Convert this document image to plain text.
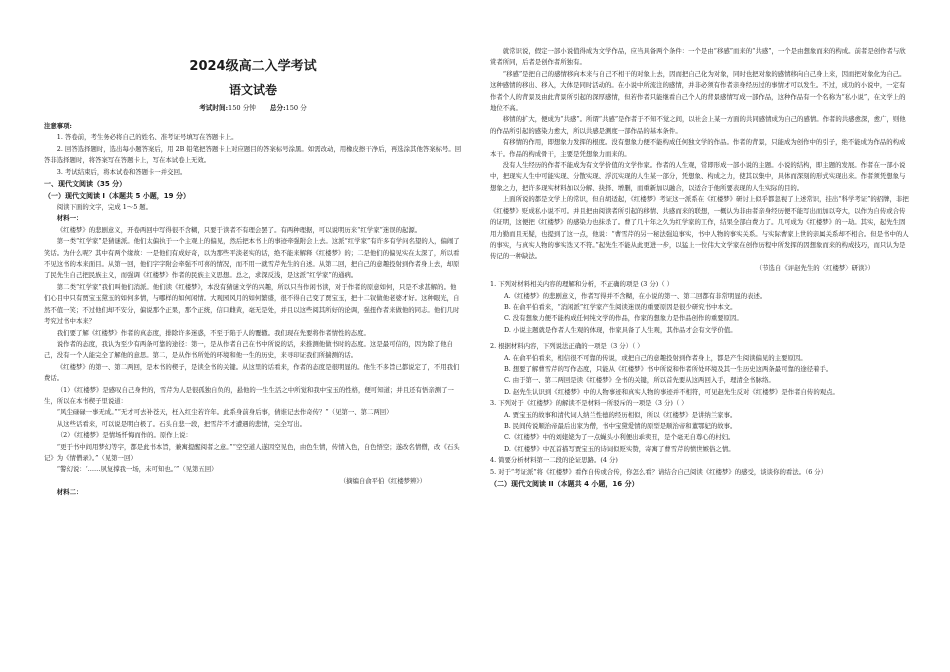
2024级高二入学考试
语文试卷
考试时间:150 分钟 总分:150 分

注意事项:

1. 答卷前，考生务必将自己的姓名、准考证号填写在答题卡上。

2. 回答选择题时，选出每小题答案后，用 2B 铅笔把答题卡上对应题目的答案标号涂黑。如需改动，用橡皮擦干净后，再选涂其他答案标号。回答非选择题时，将答案写在答题卡上，写在本试卷上无效。

3. 考试结束后，将本试卷和答题卡一并交回。

一、现代文阅读（35 分）

（一）现代文阅读 I（本题共 5 小题，19 分）

阅读下面的文字，完成 1～5 题。

材料一：

《红楼梦》的悲剧意义，开卷两回中写得很不含糊，只要于读者不有理会罢了。有两种理据，可以说明历来“红学家”迷误的起源。

第一类“红学家”是猜谜派。他们太偏执于一个主观上的偏见，然后把本书上的事迹牵强附会上去。这派“红学家”有许多有学问名望的人，偏闹了笑话。为什么呢？其中有两个缘故：一是他们有成好奇，以为那些平淡老实的话，绝不能来解释《红楼梦》的；二是他们的偏见实在太深了，所以看不见这书的本来面目。从第一回，他们字字附会牵强不可喜的情况，而不用一就雪芹先生的自述。从第二回，把自己的意趣投射到作者身上去，却原了民先生自己把民族主义，而强调《红楼梦》作者的民族主义思想。总之，求深反浅，是这派“红学家”的通病。

第二类“红学家”我们叫他们消派。他们读《红楼梦》，本没有猜谜文学的兴趣，所以只当作闲书读，对于作者的原意如何，只是不求甚解的。他们心目中只有贾宝玉黛玉的如何多情，与哪样的如何闲情。大观园风月的如何繁盛，很不得自己变了贾宝玉，把十二钗做他老婆才好。这种眼光，自然不值一笑；不过他们却不安分，偏说那个正果，那个正统，信口雌黄，毫无是处，并且以这些阅其所好的论调，强扭作者来做他的同志。他们几时考究过书中本来？

我们要了解《红楼梦》作者的真态度，排除许多迷惑，不至于陷于人的覆辙。我们现在先要将作者情性的态度。

说作者的态度，我认为至少有两条可靠的途径：第一，是从作者自己在书中所说的话，来推测他做书时的态度。这是最可信的，因为除了他自己，没有一个人能完全了解他的意思。第二，是从作书所处的环境和他一生的历史，来寻印证我们所揣测的话。

《红楼梦》的第一、第二两回，是本书的楔子，是读全书的关键。从这里的话看来，作者的态度是很明显的。他生不多旨已都说定了，不用我们费话。

（1）《红楼梦》是感叹自己身世的，雪芹为人是很孤独自负的，悬他的一生生活之中所觉和我中宝玉的性格，便可知道；并且还有悟亲测了一生，所以在本书楔子里说道：

“风尘碌碌一事无成。”“无才可去补苍天，枉入红尘若许年。此系身前身后事，倩谁记去作奇传？”（见第一、第二两回）

从这些话看来，可以说是明白极了。石头自悲一段，把雪芹不才遭遇的悲情，完全写出。

（2）《红楼梦》是情场忏悔而作的。原作上说：

“更于书中间用梦幻等字，都是此书本旨，兼寓提醒阅者之意。”“空空道人遂因空见色，由色生情，传情入色，自色悟空；遂改名情僧，改《石头记》为《情僧录》。”（见第一回）

“警幻说：‘……夙复撑我一场，未可知也。’”（见第五回）

（摘编自俞平伯《红楼梦辨》）

材料二：

就常识说，假定一部小说值得成为文学作品，应当具备两个条件：一个是由“移感”而来的“共感”，一个是由想象而来的构成。前者是创作者与欣赏者所同，后者是创作者所独有。

“移感”是把自己的感情移向本来与自己不相干的对象上去，因而把自己化为对象，同时也把对象的感情移向自己身上来，因而把对象化为自己。这种感情的移出、移入，大体是同时活动的。在小说中所流注的感情，并非必须有作者亲身经历过的事情才可以发生。不过，成功的小说中，一定有作者个人的背景及由此背景所引起的深厚感情，但若作者只能继看自己个人的背景感情写成一部作品，这种作品有一个名称为“私小说”，在文学上的地位不高。

移情的扩大，便成为“共感”。所谓“共感”是作者于不知不觉之间，以社会上某一方面的共同感情成为自己的感情。作者的共感愈深，愈广，则他的作品所引起的感染力愈大，所以共感是测度一部作品的基本条件。

有移情的作用，即想象力发挥的根度。没有想象力便不能构成任何独文学的作品。作者的背景，只能成为创作中的引子，绝不能成为作品的构成本干。作品的构成骨干，主要是凭想象力而来的。

没有人生经历的作者不能成为有文学价值的文学作家。作者的人生观，常即形成一部小说的主题。小说的结构，即主题的发展。作者在一部小说中，把现实人生中可能实现、分散实现、浮沉实现的人生某一部分，凭想象、构成之力，使其以集中，具体而深刻的形式实现出来。作者须凭想象与想象之力，把许多现实材料加以分解、抉择、增删，而重新加以融合，以适合于他所要表现的人生实际的目的。

上面所说的都是文学上的常识，但自胡适起，《红楼梦》考证这一派系在《红楼梦》研讨上似乎都忽视了上述常识，挂出“科学考证”的招牌，非把《红楼梦》贬成私小说不可。并且把由阅读者所引起的移情、共感而来的联想，一概认为非由者亲身经历便不能写出而加以夸大，以作为自传或合传的证明，这便把《红楼梦》的感染力也抹杀了。曹了几十年之久为红学家的工作，结果全部白费力了。几可成为《红楼梦》的一劫。其实，起先生固用力勤而且无疑，也提到了这一点，他说：“曹雪芹的另一秘法强迫事实，书中人物的事实关系。与实际曹家上世的亲属关系却不相合。但是书中的人的事实，与真实人物的事实迭又不符。”起先生不能从此更进一步，以猛上一位伟大文学家在创作历程中所发挥的因想象而来的构成技巧，而只认为是传记的一种缺法。

（节选自《评赵先生的〈红楼梦〉研读》）

1. 下列对材料相关内容的理解和分析，不正确的项是 (3 分)（ ）

A.《红楼梦》的悲剧意义，作者写得并不含糊，在小说的第一、第二回都有非常明显的表述。

B. 在俞平伯看来，“消闲派”红学家产生阅读迷误的重要原因是很少研究书中本文。

C. 没有想象力便不能构成任何纯文学的作品，作家的想象力是作品创作的重要原因。

D. 小说主题就是作者人生观的体现，作家具备了人生观，其作品才会有文学价值。

2. 根据材料内容，下列说法正确的一项是（3 分）（ ）

A. 在俞平伯看来，相信很不可靠的传说，或把自己的意趣投射到作者身上，都是产生阅读偏见的主要原因。

B. 想要了解曹雪芹的写作态度，只能从《红楼梦》书中所说和作者所处环境及其一生历史这两条最可靠的途径着手。

C. 由于第一、第二两回是读《红楼梦》全书的关键，所以首先要从这两回入手，理清全书脉络。

D. 赵先生认识到《红楼梦》中的人物事迹和真实人物的事迹并不相符，可见赵先生反对《红楼梦》是作者自传的观点。

3. 下列对于《红楼梦》的解读不是材料一所驳斥的一项是（3 分)（ ）

A. 贾宝玉的故事和清代词人纳兰性德的经历相似，所以《红楼梦》是讲纳兰家事。

B. 民间传说顺治帝最后出家为僧，书中宝黛爱情的原型是顺治帝和董鄂妃的故事。

C.《红楼梦》中的刘姥姥为了一点蝇头小利便出乖卖丑，是个毫无自尊心的村妇。

D.《红楼梦》中瓦首描写贾宝玉的诗词似贬实赞，寄寓了曹雪芹的愤世嫉俗之情。

4. 简要分析材料第一二段的论证思路。(4 分)

5. 对于“考证派”将《红楼梦》看作自传或合传，你怎么看？请结合自己阅读《红楼梦》的感受，谈谈你的看法。（6 分）

（二）现代文阅读 II（本题共 4 小题，16 分）
